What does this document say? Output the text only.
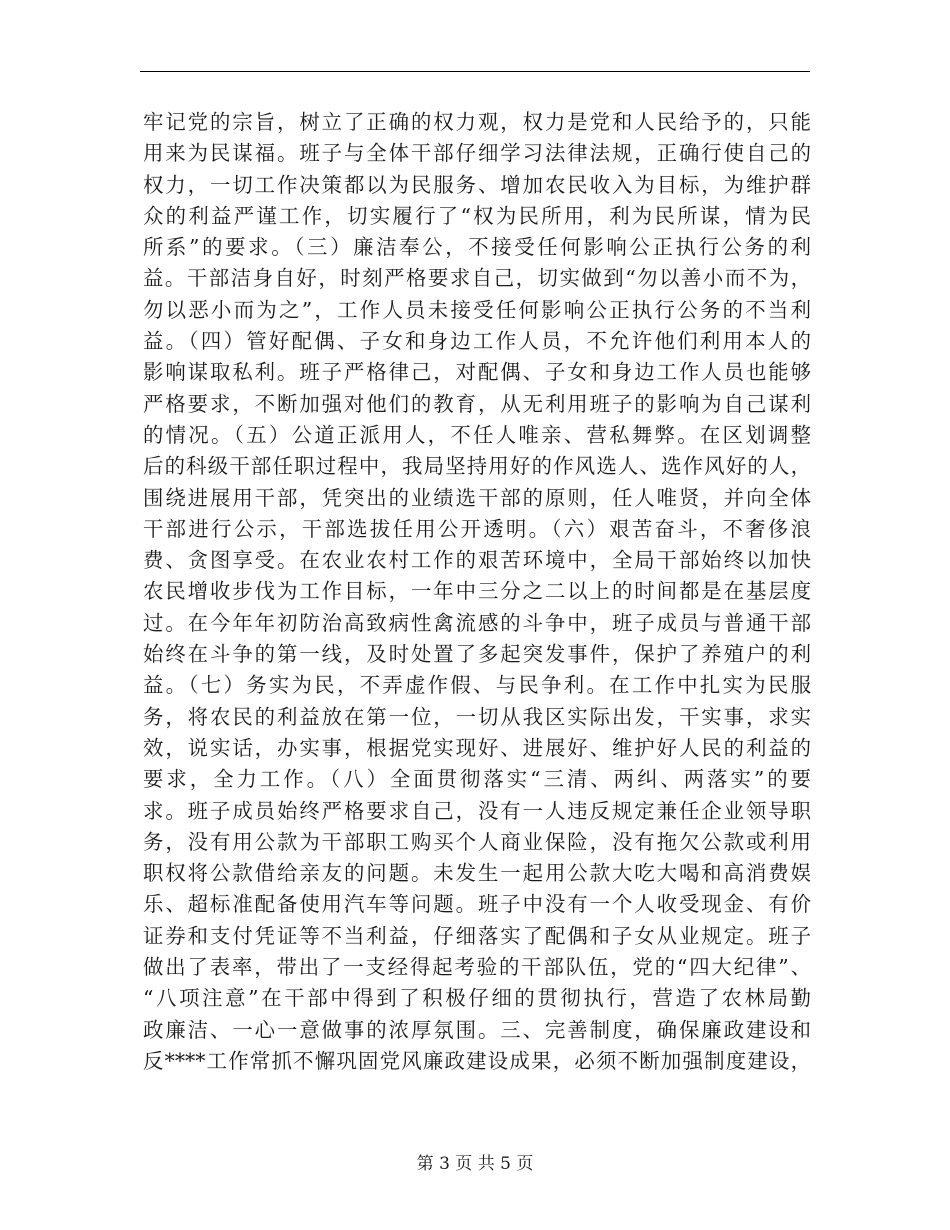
牢记党的宗旨，树立了正确的权力观，权力是党和人民给予的，只能
用来为民谋福。班子与全体干部仔细学习法律法规，正确行使自己的
权力，一切工作决策都以为民服务、增加农民收入为目标，为维护群
众的利益严谨工作，切实履行了“权为民所用，利为民所谋，情为民
所系”的要求。（三）廉洁奉公，不接受任何影响公正执行公务的利
益。干部洁身自好，时刻严格要求自己，切实做到“勿以善小而不为，
勿以恶小而为之”，工作人员未接受任何影响公正执行公务的不当利
益。（四）管好配偶、子女和身边工作人员，不允许他们利用本人的
影响谋取私利。班子严格律己，对配偶、子女和身边工作人员也能够
严格要求，不断加强对他们的教育，从无利用班子的影响为自己谋利
的情况。（五）公道正派用人，不任人唯亲、营私舞弊。在区划调整
后的科级干部任职过程中，我局坚持用好的作风选人、选作风好的人，
围绕进展用干部，凭突出的业绩选干部的原则，任人唯贤，并向全体
干部进行公示，干部选拔任用公开透明。（六）艰苦奋斗，不奢侈浪
费、贪图享受。在农业农村工作的艰苦环境中，全局干部始终以加快
农民增收步伐为工作目标，一年中三分之二以上的时间都是在基层度
过。在今年年初防治高致病性禽流感的斗争中，班子成员与普通干部
始终在斗争的第一线，及时处置了多起突发事件，保护了养殖户的利
益。（七）务实为民，不弄虚作假、与民争利。在工作中扎实为民服
务，将农民的利益放在第一位，一切从我区实际出发，干实事，求实
效，说实话，办实事，根据党实现好、进展好、维护好人民的利益的
要求，全力工作。（八）全面贯彻落实“三清、两纠、两落实”的要
求。班子成员始终严格要求自己，没有一人违反规定兼任企业领导职
务，没有用公款为干部职工购买个人商业保险，没有拖欠公款或利用
职权将公款借给亲友的问题。未发生一起用公款大吃大喝和高消费娱
乐、超标准配备使用汽车等问题。班子中没有一个人收受现金、有价
证券和支付凭证等不当利益，仔细落实了配偶和子女从业规定。班子
做出了表率，带出了一支经得起考验的干部队伍，党的“四大纪律”、
“八项注意”在干部中得到了积极仔细的贯彻执行，营造了农林局勤
政廉洁、一心一意做事的浓厚氛围。三、完善制度，确保廉政建设和
反****工作常抓不懈巩固党风廉政建设成果，必须不断加强制度建设，
第 3 页 共 5 页
